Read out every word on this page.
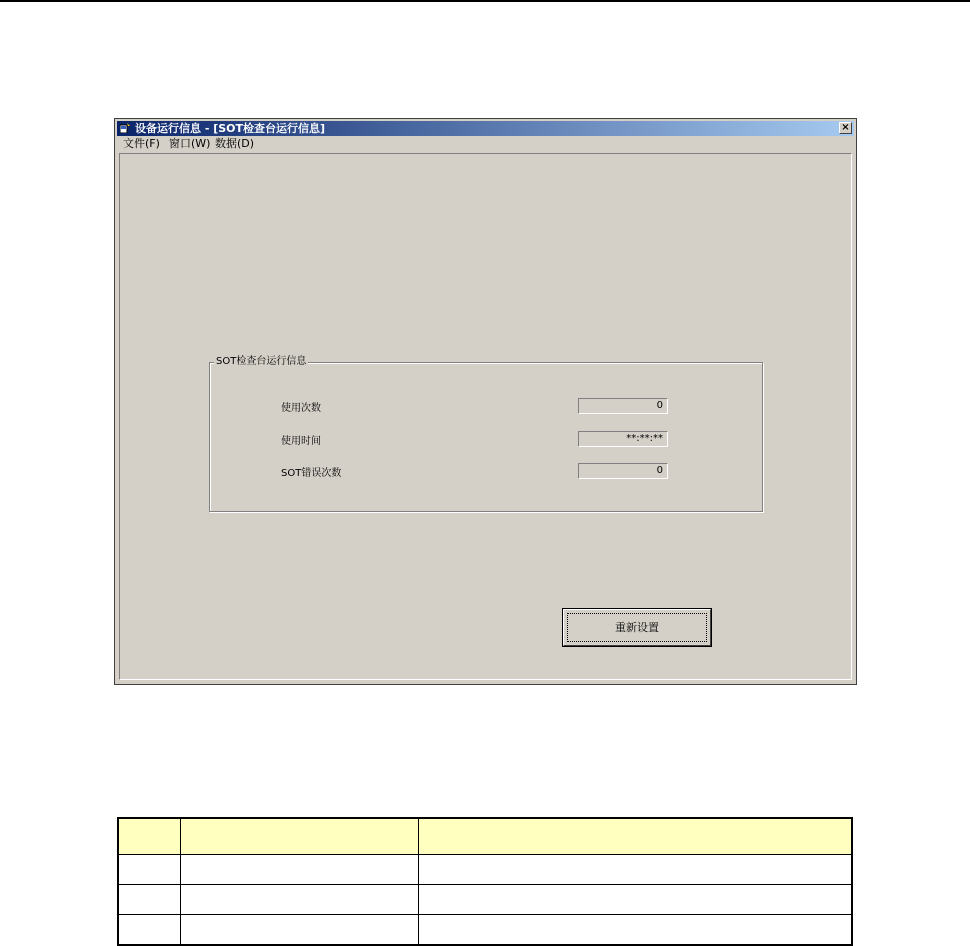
设备运行信息 - [SOT检查台运行信息]	×
文件(F) 窗口(W) 数据(D)
SOT检查台运行信息
使用次数	0
使用时间	**:**:**
SOT错误次数	0
重新设置
